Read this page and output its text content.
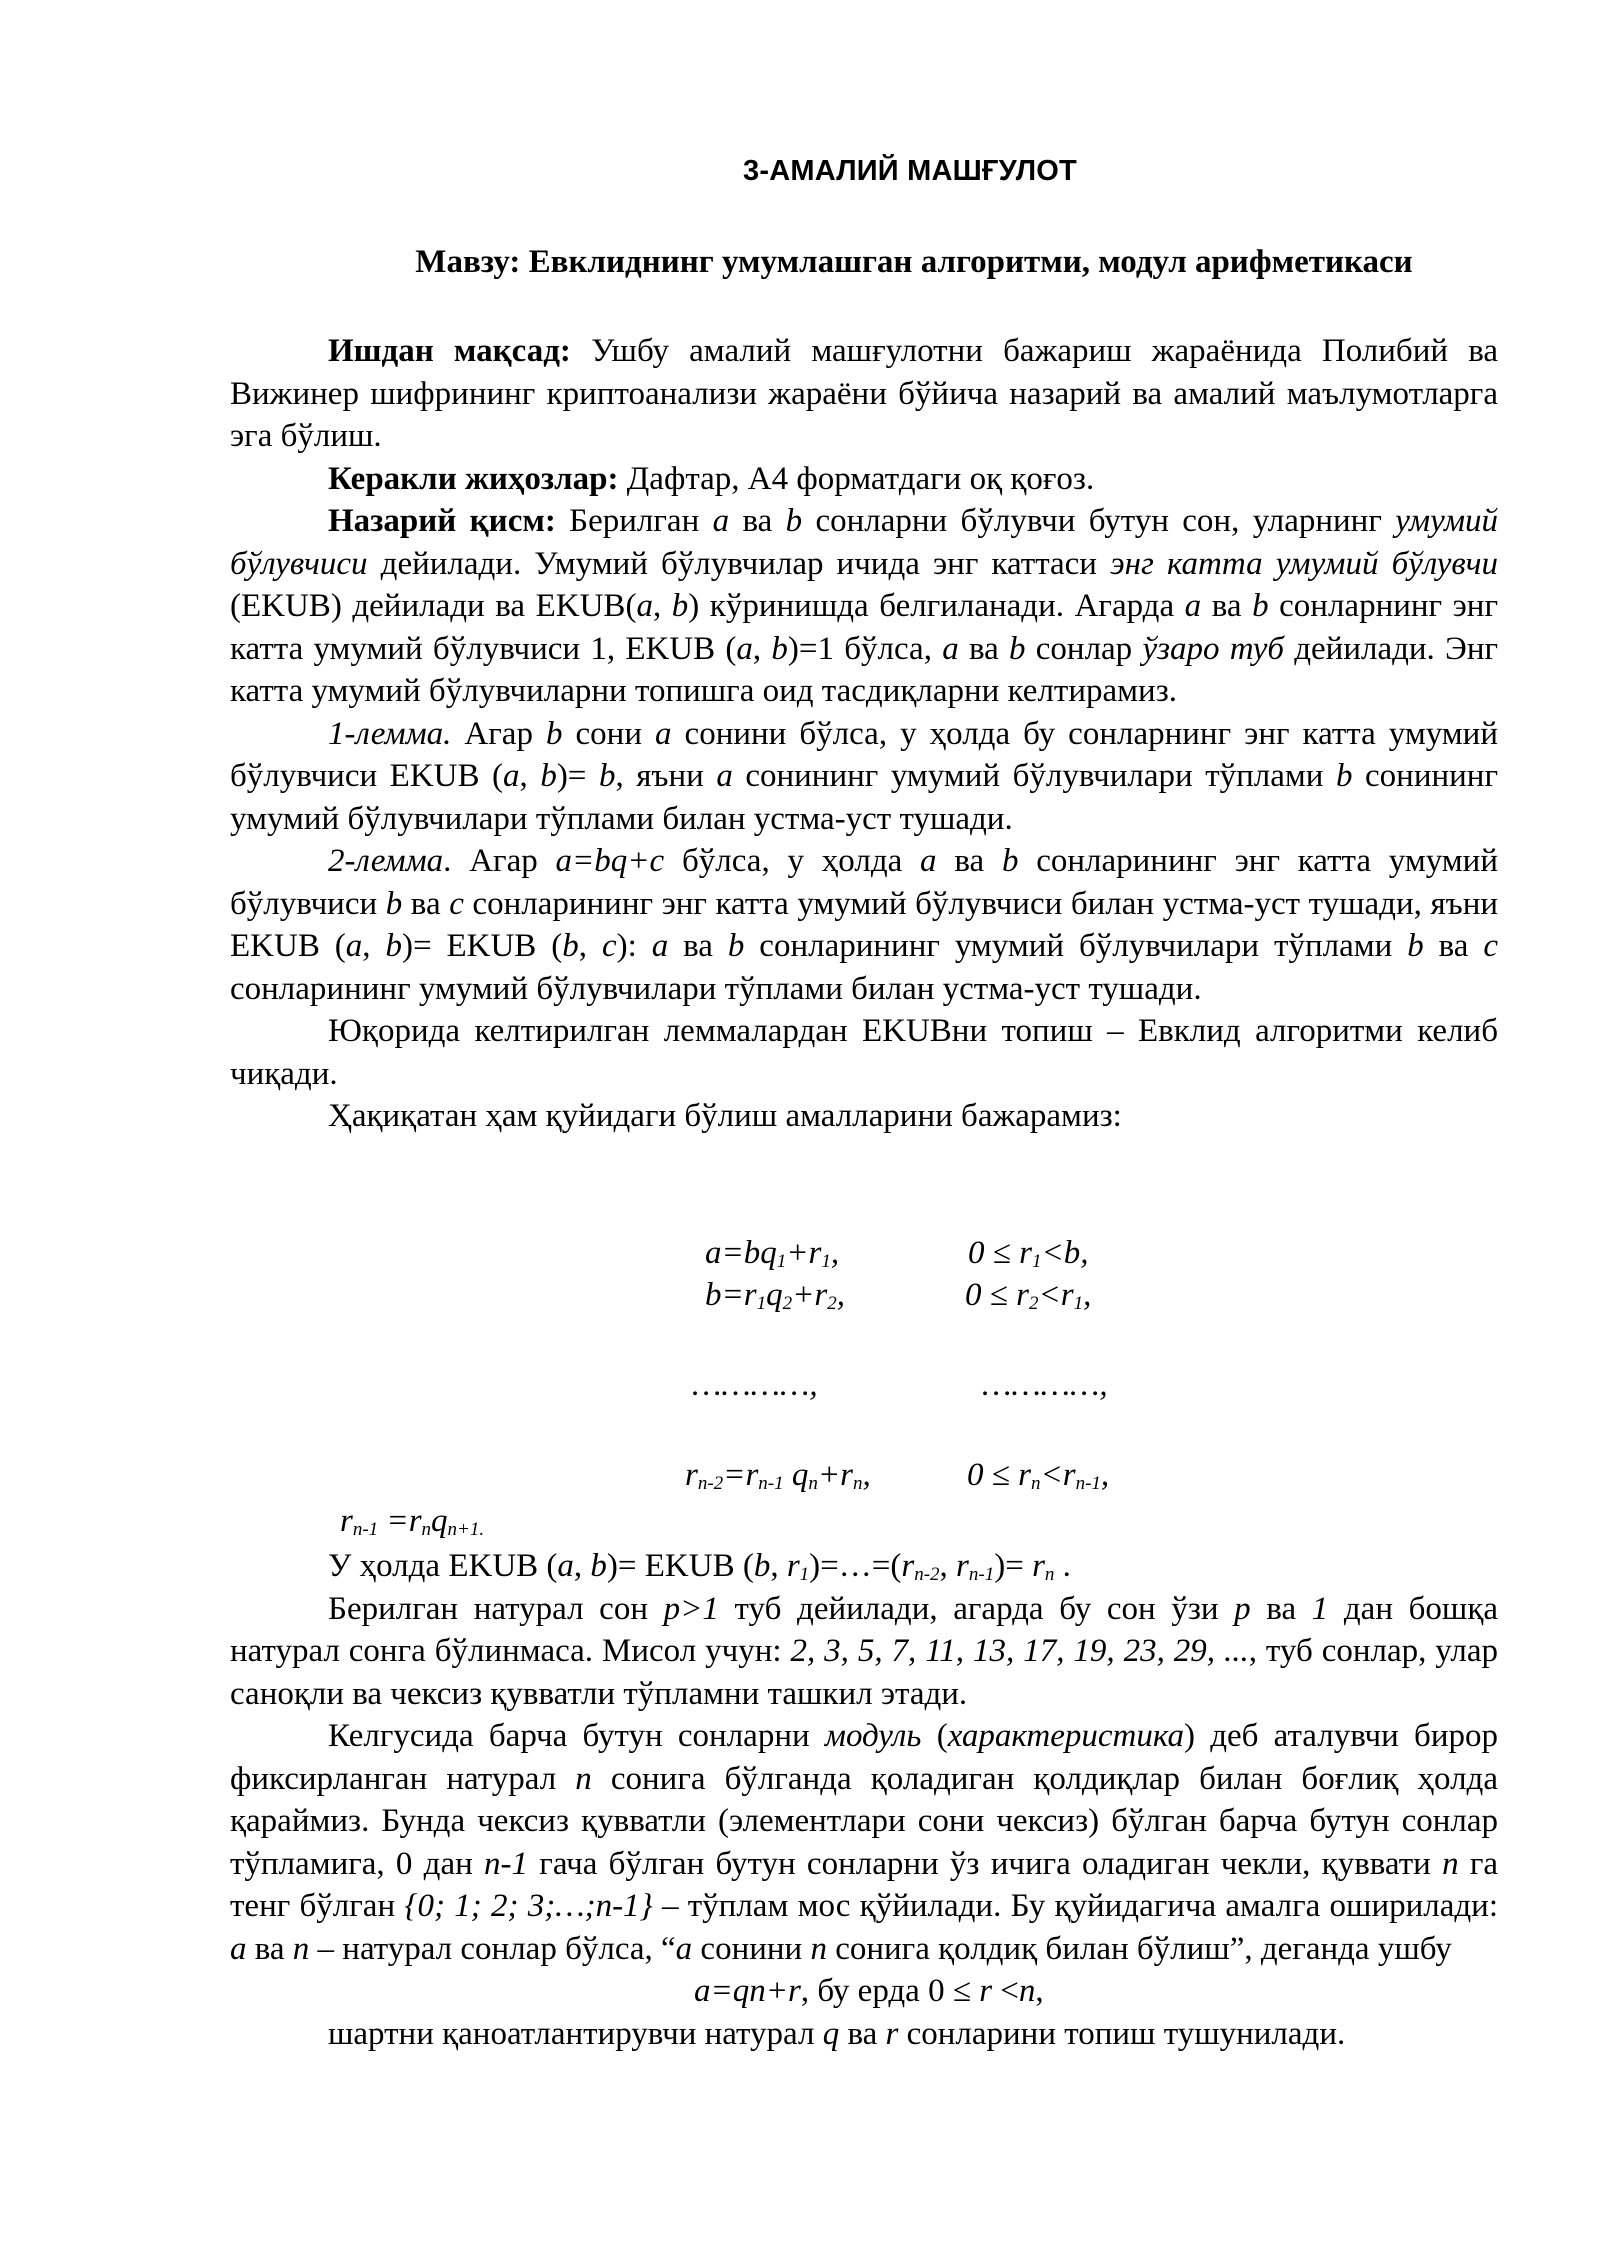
3-АМАЛИЙ МАШҒУЛОТ
Мавзу: Евклиднинг умумлашган алгоритми, модул арифметикаси

Ишдан мақсад: Ушбу амалий машғулотни бажариш жараёнида Полибий ва Вижинер шифрининг криптоанализи жараёни бўйича назарий ва амалий маълумотларга эга бўлиш.

Керакли жиҳозлар: Дафтар, А4 форматдаги оқ қоғоз.

Назарий қисм: Берилган a ва b сонларни бўлувчи бутун сон, уларнинг умумий бўлувчиси дейилади. Умумий бўлувчилар ичида энг каттаси энг катта умумий бўлувчи (EKUB) дейилади ва EKUB(a, b) кўринишда белгиланади. Агарда a ва b сонларнинг энг катта умумий бўлувчиси 1, EKUB (a, b)=1 бўлса, a ва b сонлар ўзаро туб дейилади. Энг катта умумий бўлувчиларни топишга оид тасдиқларни келтирамиз.

1-лемма. Агар b сони a сонини бўлса, у ҳолда бу сонларнинг энг катта умумий бўлувчиси EKUB (a, b)= b, яъни a сонининг умумий бўлувчилари тўплами b сонининг умумий бўлувчилари тўплами билан устма-уст тушади.

2-лемма. Агар a=bq+c бўлса, у ҳолда a ва b сонларининг энг катта умумий бўлувчиси b ва c сонларининг энг катта умумий бўлувчиси билан устма-уст тушади, яъни EKUB (a, b)= EKUB (b, c): a ва b сонларининг умумий бўлувчилари тўплами b ва c сонларининг умумий бўлувчилари тўплами билан устма-уст тушади.

Юқорида келтирилган леммалардан EKUBни топиш – Евклид алгоритми келиб чиқади.

Ҳақиқатан ҳам қуйидаги бўлиш амалларини бажарамиз:

$a=bq_1+r_1$,	$0 \le r_1<b$,
$b=r_1q_2+r_2$,	$0 \le r_2<r_1$,
…………,	…………,
$r_{n-2}=r_{n-1}$ $q_n+r_n$,	$0 \le r_n<r_{n-1}$,
$r_{n-1} =r_nq_{n+1.}$

У ҳолда EKUB (a, b)= EKUB (b, $r_1)=\dots=(r_{n-2}$, $r_{n-1})= r_n$ .

Берилган натурал сон p>1 туб дейилади, агарда бу сон ўзи p ва 1 дан бошқа натурал сонга бўлинмаса. Мисол учун: 2, 3, 5, 7, 11, 13, 17, 19, 23, 29, ..., туб сонлар, улар саноқли ва чексиз қувватли тўпламни ташкил этади.

Келгусида барча бутун сонларни модуль (характеристика) деб аталувчи бирор фиксирланган натурал n сонига бўлганда қоладиган қолдиқлар билан боғлиқ ҳолда қараймиз. Бунда чексиз қувватли (элементлари сони чексиз) бўлган барча бутун сонлар тўпламига, 0 дан n-1 гача бўлган бутун сонларни ўз ичига оладиган чекли, қуввати n га тенг бўлган {0; 1; 2; 3;…;n-1} – тўплам мос қўйилади. Бу қуйидагича амалга оширилади: a ва n – натурал сонлар бўлса, “a сонини n сонига қолдиқ билан бўлиш”, деганда ушбу

a=qn+r, бу ерда 0 ≤ r <n,

шартни қаноатлантирувчи натурал q ва r сонларини топиш тушунилади.
